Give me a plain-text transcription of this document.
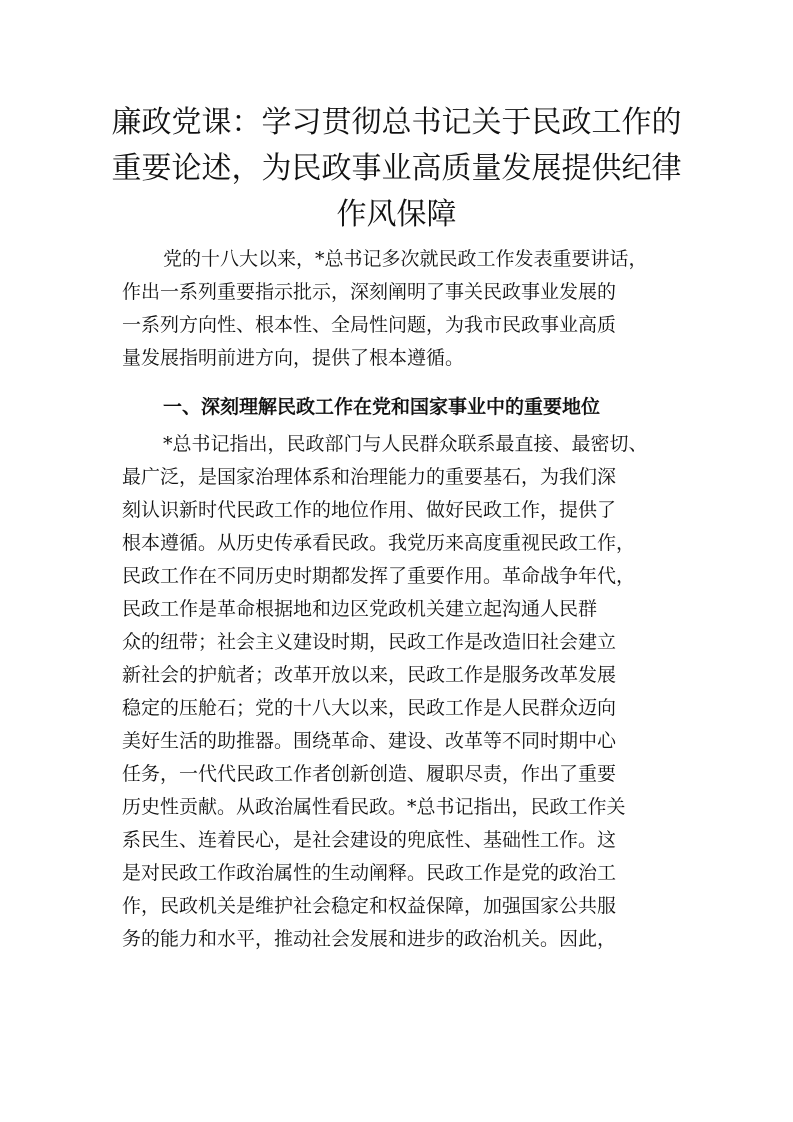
廉政党课：学习贯彻总书记关于民政工作的
重要论述，为民政事业高质量发展提供纪律
作风保障
党的十八大以来，*总书记多次就民政工作发表重要讲话，
作出一系列重要指示批示，深刻阐明了事关民政事业发展的
一系列方向性、根本性、全局性问题，为我市民政事业高质
量发展指明前进方向，提供了根本遵循。
一、深刻理解民政工作在党和国家事业中的重要地位
*总书记指出，民政部门与人民群众联系最直接、最密切、
最广泛，是国家治理体系和治理能力的重要基石，为我们深
刻认识新时代民政工作的地位作用、做好民政工作，提供了
根本遵循。从历史传承看民政。我党历来高度重视民政工作，
民政工作在不同历史时期都发挥了重要作用。革命战争年代，
民政工作是革命根据地和边区党政机关建立起沟通人民群
众的纽带；社会主义建设时期，民政工作是改造旧社会建立
新社会的护航者；改革开放以来，民政工作是服务改革发展
稳定的压舱石；党的十八大以来，民政工作是人民群众迈向
美好生活的助推器。围绕革命、建设、改革等不同时期中心
任务，一代代民政工作者创新创造、履职尽责，作出了重要
历史性贡献。从政治属性看民政。*总书记指出，民政工作关
系民生、连着民心，是社会建设的兜底性、基础性工作。这
是对民政工作政治属性的生动阐释。民政工作是党的政治工
作，民政机关是维护社会稳定和权益保障，加强国家公共服
务的能力和水平，推动社会发展和进步的政治机关。因此，
